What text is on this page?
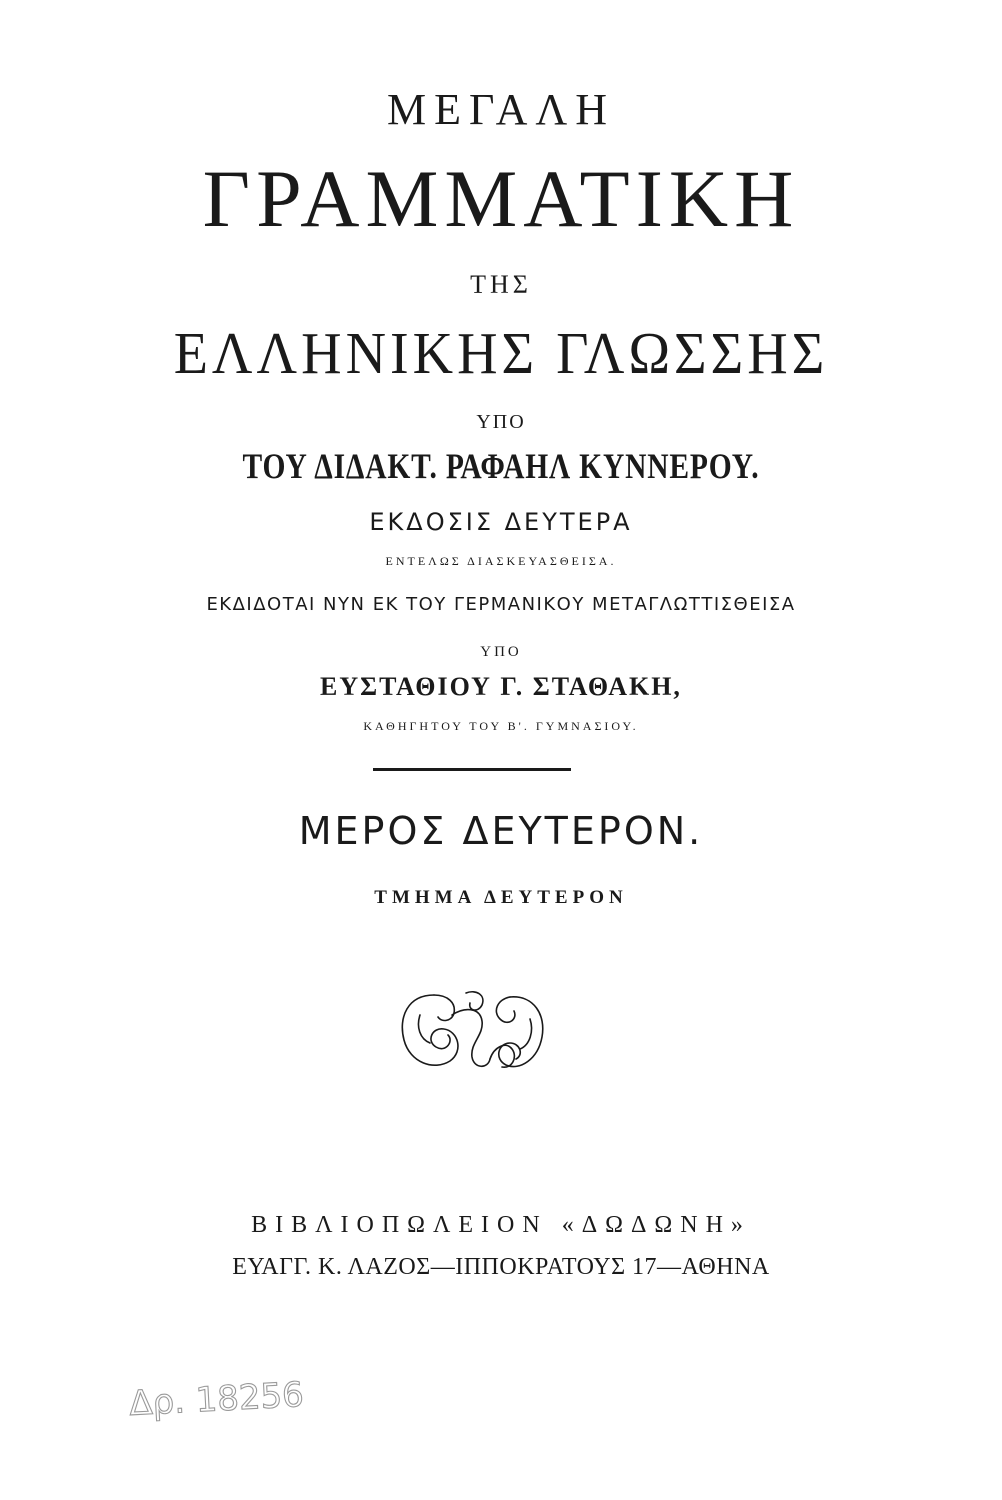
ΜΕΓΑΛΗ
ΓΡΑΜΜΑΤΙΚΗ
ΤΗΣ
ΕΛΛΗΝΙΚΗΣ ΓΛΩΣΣΗΣ
ΥΠΟ
ΤΟΥ ΔΙΔΑΚΤ. ΡΑΦΑΗΛ ΚΥΝΝΕΡΟΥ.
ΕΚΔΟΣΙΣ ΔΕΥΤΕΡΑ
ΕΝΤΕΛΩΣ ΔΙΑΣΚΕΥΑΣΘΕΙΣΑ.
ΕΚΔΙΔΟΤΑΙ ΝΥΝ ΕΚ ΤΟΥ ΓΕΡΜΑΝΙΚΟΥ ΜΕΤΑΓΛΩΤΤΙΣΘΕΙΣΑ
ΥΠΟ
ΕΥΣΤΑΘΙΟΥ Γ. ΣΤΑΘΑΚΗ,
ΚΑΘΗΓΗΤΟΥ ΤΟΥ Β'. ΓΥΜΝΑΣΙΟΥ.
ΜΕΡΟΣ ΔΕΥΤΕΡΟΝ.
ΤΜΗΜΑ ΔΕΥΤΕΡΟΝ
ΒΙΒΛΙΟΠΩΛΕΙΟΝ «ΔΩΔΩΝΗ»
ΕΥΑΓΓ. Κ. ΛΑΖΟΣ—ΙΠΠΟΚΡΑΤΟΥΣ 17—ΑΘΗΝΑ
Δρ. 18256
